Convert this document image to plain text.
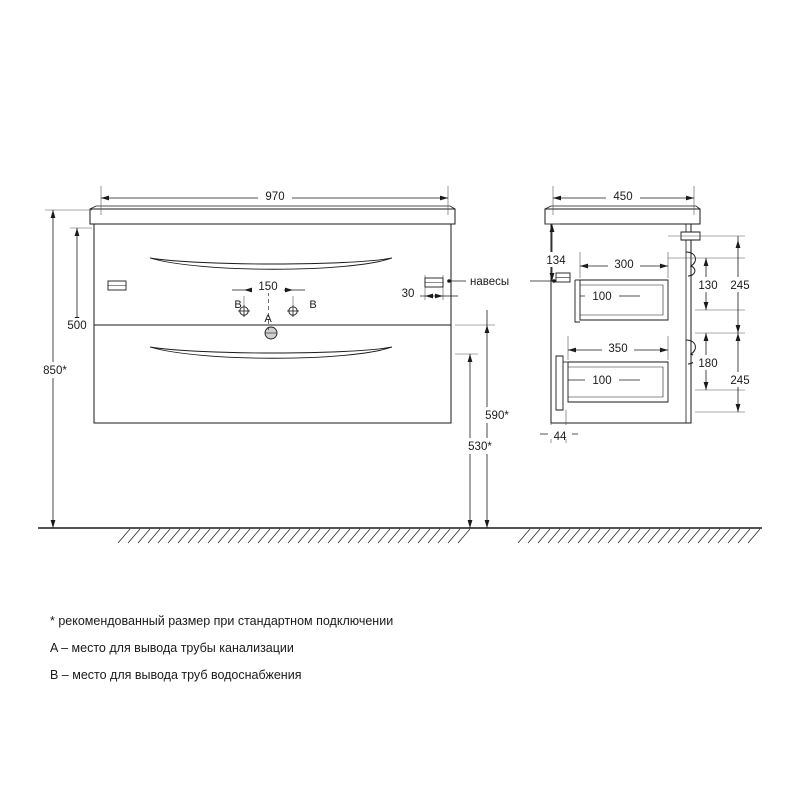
970
500
850*
150
B	B
A
30
навесы
590*
530*
450
134	300
100
350
100
130 245
180
245
44
* рекомендованный размер при стандартном подключении
A – место для вывода трубы канализации
B – место для вывода труб водоснабжения
